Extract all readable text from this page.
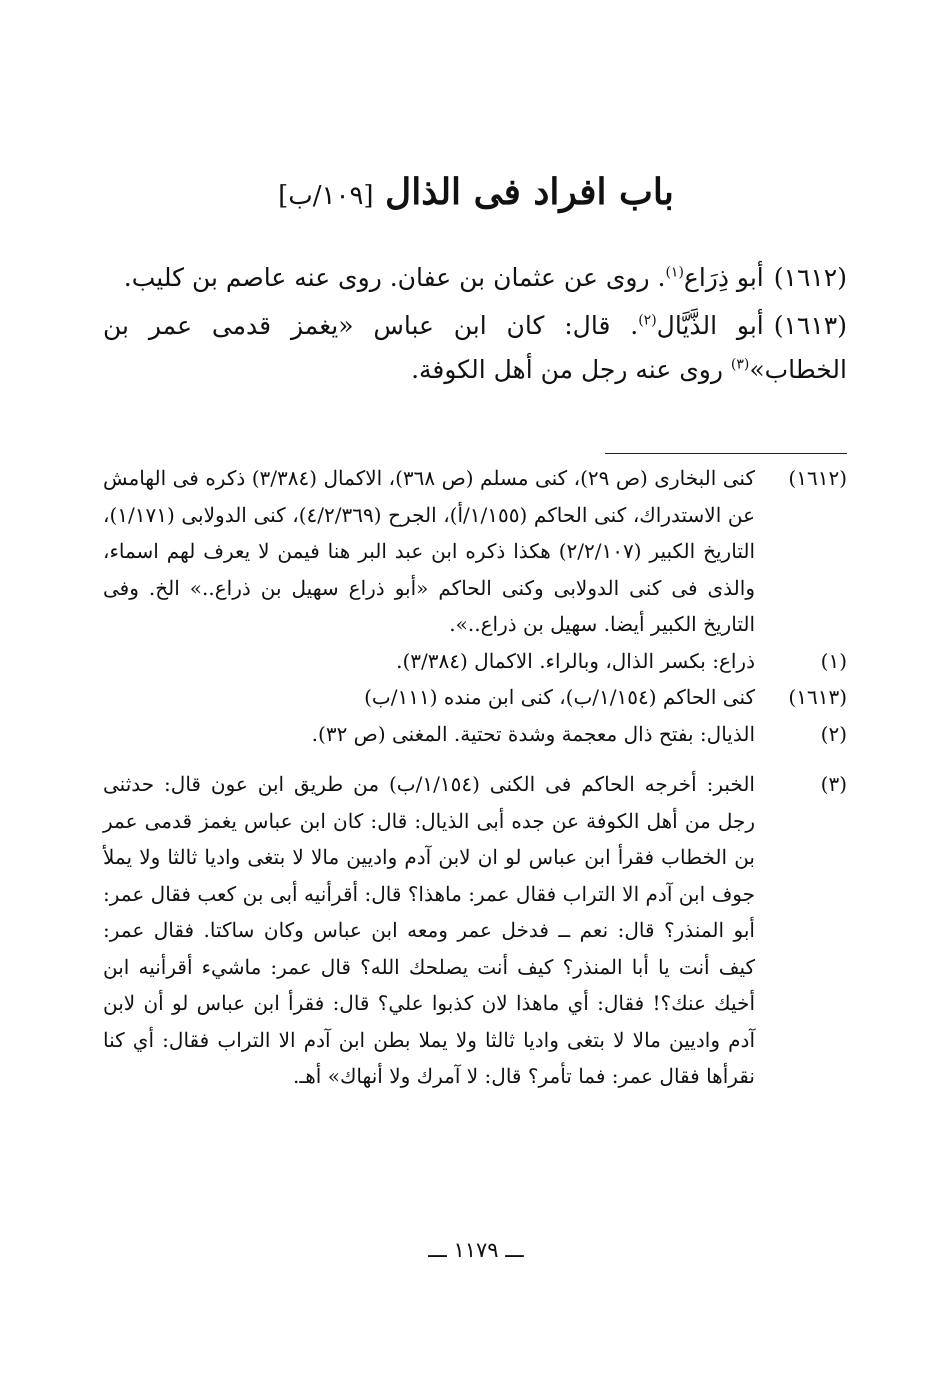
باب افراد فى الذال [١٠٩/ب]

(١٦١٢)أبو ذِرَاع$^{(١)}$. روى عن عثمان بن عفان. روى عنه عاصم بن كليب.

(١٦١٣)أبو الذَّيَّال$^{(٢)}$. قال: كان ابن عباس «يغمز قدمى عمر بن الخطاب»$^{(٣)}$ روى عنه رجل من أهل الكوفة.

(١٦١٢)
كنى البخارى (ص ٢٩)، كنى مسلم (ص ٣٦٨)، الاكمال (٣/٣٨٤) ذكره فى الهامش عن الاستدراك، كنى الحاكم (١/١٥٥/أ)، الجرح (٤/٢/٣٦٩)، كنى الدولابى (١/١٧١)، التاريخ الكبير (٢/٢/١٠٧) هكذا ذكره ابن عبد البر هنا فيمن لا يعرف لهم اسماء، والذى فى كنى الدولابى وكنى الحاكم «أبو ذراع سهيل بن ذراع..» الخ. وفى التاريخ الكبير أيضا. سهيل بن ذراع..».
(١)
ذراع: بكسر الذال، وبالراء. الاكمال (٣/٣٨٤).
(١٦١٣)
كنى الحاكم (١/١٥٤/ب)، كنى ابن منده (١١١/ب)
(٢)
الذيال: بفتح ذال معجمة وشدة تحتية. المغنى (ص ٣٢).
(٣)
الخبر: أخرجه الحاكم فى الكنى (١/١٥٤/ب) من طريق ابن عون قال: حدثنى رجل من أهل الكوفة عن جده أبى الذيال: قال: كان ابن عباس يغمز قدمى عمر بن الخطاب فقرأ ابن عباس لو ان لابن آدم واديين مالا لا بتغى واديا ثالثا ولا يملأ جوف ابن آدم الا التراب فقال عمر: ماهذا؟ قال: أقرأنيه أبى بن كعب فقال عمر: أبو المنذر؟ قال: نعم ــ فدخل عمر ومعه ابن عباس وكان ساكتا. فقال عمر: كيف أنت يا أبا المنذر؟ كيف أنت يصلحك الله؟ قال عمر: ماشيء أقرأنيه ابن أخيك عنك؟! فقال: أي ماهذا لان كذبوا علي؟ قال: فقرأ ابن عباس لو أن لابن آدم واديين مالا لا بتغى واديا ثالثا ولا يملا بطن ابن آدم الا التراب فقال: أي كنا نقرأها فقال عمر: فما تأمر؟ قال: لا آمرك ولا أنهاك» أهـ.
ـــ ١١٧٩ ـــ
